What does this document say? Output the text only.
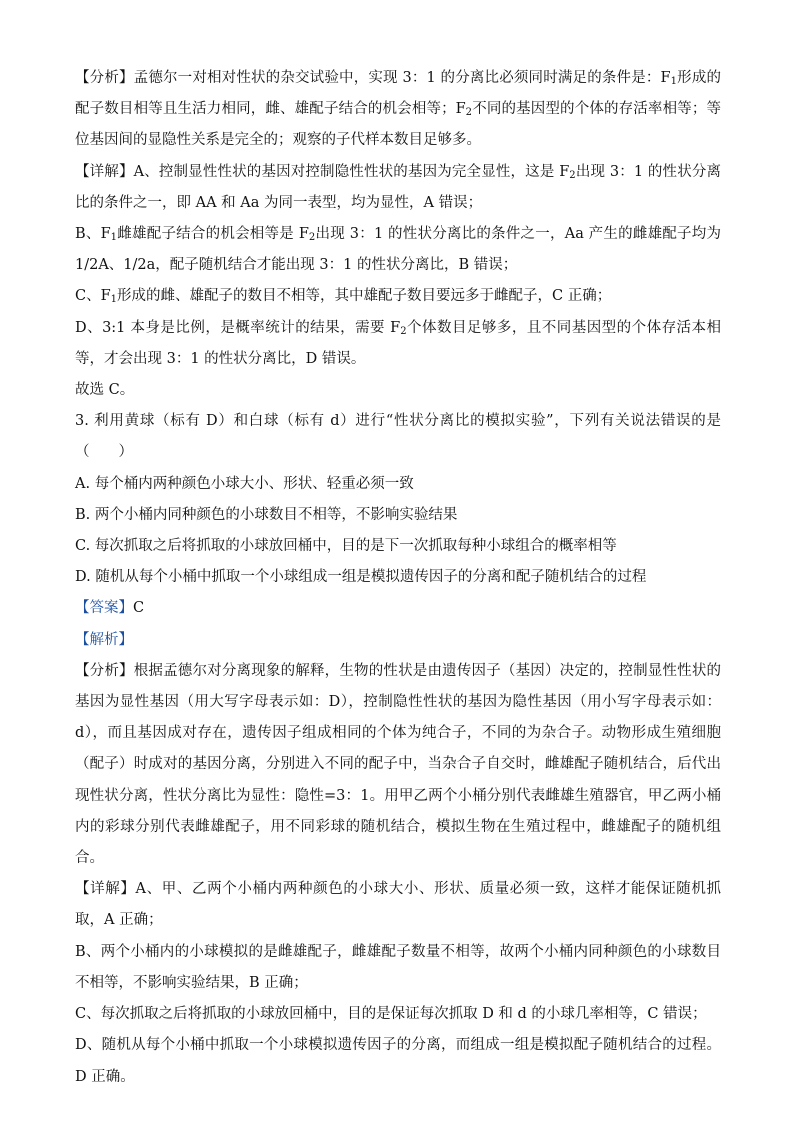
【分析】孟德尔一对相对性状的杂交试验中，实现 3：1 的分离比必须同时满足的条件是：$F_1$形成的配子数目相等且生活力相同，雌、雄配子结合的机会相等；$F_2$不同的基因型的个体的存活率相等；等位基因间的显隐性关系是完全的；观察的子代样本数目足够多。

【详解】A、控制显性性状的基因对控制隐性性状的基因为完全显性，这是 $F_2$出现 3：1 的性状分离比的条件之一，即 AA 和 Aa 为同一表型，均为显性，A 错误；

B、$F_1$雌雄配子结合的机会相等是 $F_2$出现 3：1 的性状分离比的条件之一，Aa 产生的雌雄配子均为 1/2A、1/2a，配子随机结合才能出现 3：1 的性状分离比，B 错误；

C、$F_1$形成的雌、雄配子的数目不相等，其中雄配子数目要远多于雌配子，C 正确；

D、3:1 本身是比例，是概率统计的结果，需要 $F_2$个体数目足够多，且不同基因型的个体存活本相等，才会出现 3：1 的性状分离比，D 错误。

故选 C。

3. 利用黄球（标有 D）和白球（标有 d）进行“性状分离比的模拟实验”，下列有关说法错误的是（　　）

A. 每个桶内两种颜色小球大小、形状、轻重必须一致

B. 两个小桶内同种颜色的小球数目不相等，不影响实验结果

C. 每次抓取之后将抓取的小球放回桶中，目的是下一次抓取每种小球组合的概率相等

D. 随机从每个小桶中抓取一个小球组成一组是模拟遗传因子的分离和配子随机结合的过程

【答案】C

【解析】

【分析】根据孟德尔对分离现象的解释，生物的性状是由遗传因子（基因）决定的，控制显性性状的基因为显性基因（用大写字母表示如：D），控制隐性性状的基因为隐性基因（用小写字母表示如：d），而且基因成对存在，遗传因子组成相同的个体为纯合子，不同的为杂合子。动物形成生殖细胞（配子）时成对的基因分离，分别进入不同的配子中，当杂合子自交时，雌雄配子随机结合，后代出现性状分离，性状分离比为显性：隐性=3：1。用甲乙两个小桶分别代表雌雄生殖器官，甲乙两小桶内的彩球分别代表雌雄配子，用不同彩球的随机结合，模拟生物在生殖过程中，雌雄配子的随机组合。

【详解】A、甲、乙两个小桶内两种颜色的小球大小、形状、质量必须一致，这样才能保证随机抓取，A 正确；

B、两个小桶内的小球模拟的是雌雄配子，雌雄配子数量不相等，故两个小桶内同种颜色的小球数目不相等，不影响实验结果，B 正确；

C、每次抓取之后将抓取的小球放回桶中，目的是保证每次抓取 D 和 d 的小球几率相等，C 错误；

D、随机从每个小桶中抓取一个小球模拟遗传因子的分离，而组成一组是模拟配子随机结合的过程。D 正确。
